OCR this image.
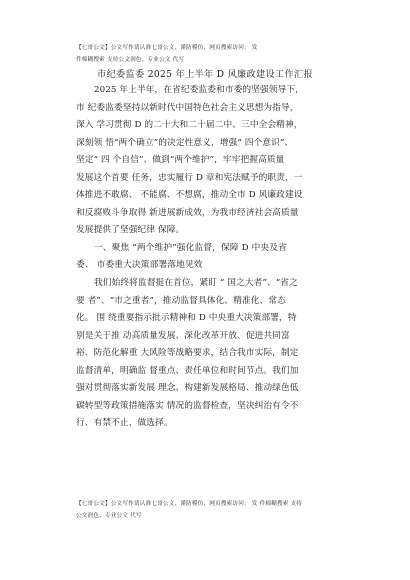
【七哥公文】公文写作请认准七哥公文，谨防模仿，网页搜索访问： 发
件棉糊搜索 支持公文润色、专业公文 代写
市纪委监委 2025 年上半年 D 风廉政建设工作汇报

2025 年上半年，在省纪委监委和市委的坚强领导下，
市 纪委监委坚持以新时代中国特色社会主义思想为指导，
深入 学习贯彻 D 的二十大和二十届二中、三中全会精神，
深刻领 悟“两个确立”的决定性意义，增强“ 四个意识”、
坚定“ 四 个自信”、做到“两个维护”，牢牢把握高质量
发展这个首要 任务，忠实履行 D 章和宪法赋予的职责，一
体推进不敢腐、 不能腐、不想腐，推动全市 D 风廉政建设
和反腐败斗争取得 新进展新成效，为我市经济社会高质量
发展提供了坚强纪律 保障。

一、聚焦 “两个维护”强化监督，保障 D 中央及省
委、 市委重大决策部署落地见效

我们始终将监督挺在首位，紧盯 “ 国之大者”、“省之
要 者”、“市之重者”，推动监督具体化、精准化、常态
化。 围 绕重要指示批示精神和 D 中央重大决策部署，特
别是关于推 动高质量发展、深化改革开放、促进共同富
裕、防范化解重 大风险等战略要求，结合我市实际，制定
监督清单，明确监 督重点、责任单位和时间节点。我们加
强对贯彻落实新发展 理念、构建新发展格局、推动绿色低
碳转型等政策措施落实 情况的监督检查，坚决纠治有令不
行、有禁不止，做选择。

【七哥公文】公文写作请认准七哥公文，谨防模仿，网页搜索访问： 发 件棉糊搜索 支持
公文润色、专业公文 代写
